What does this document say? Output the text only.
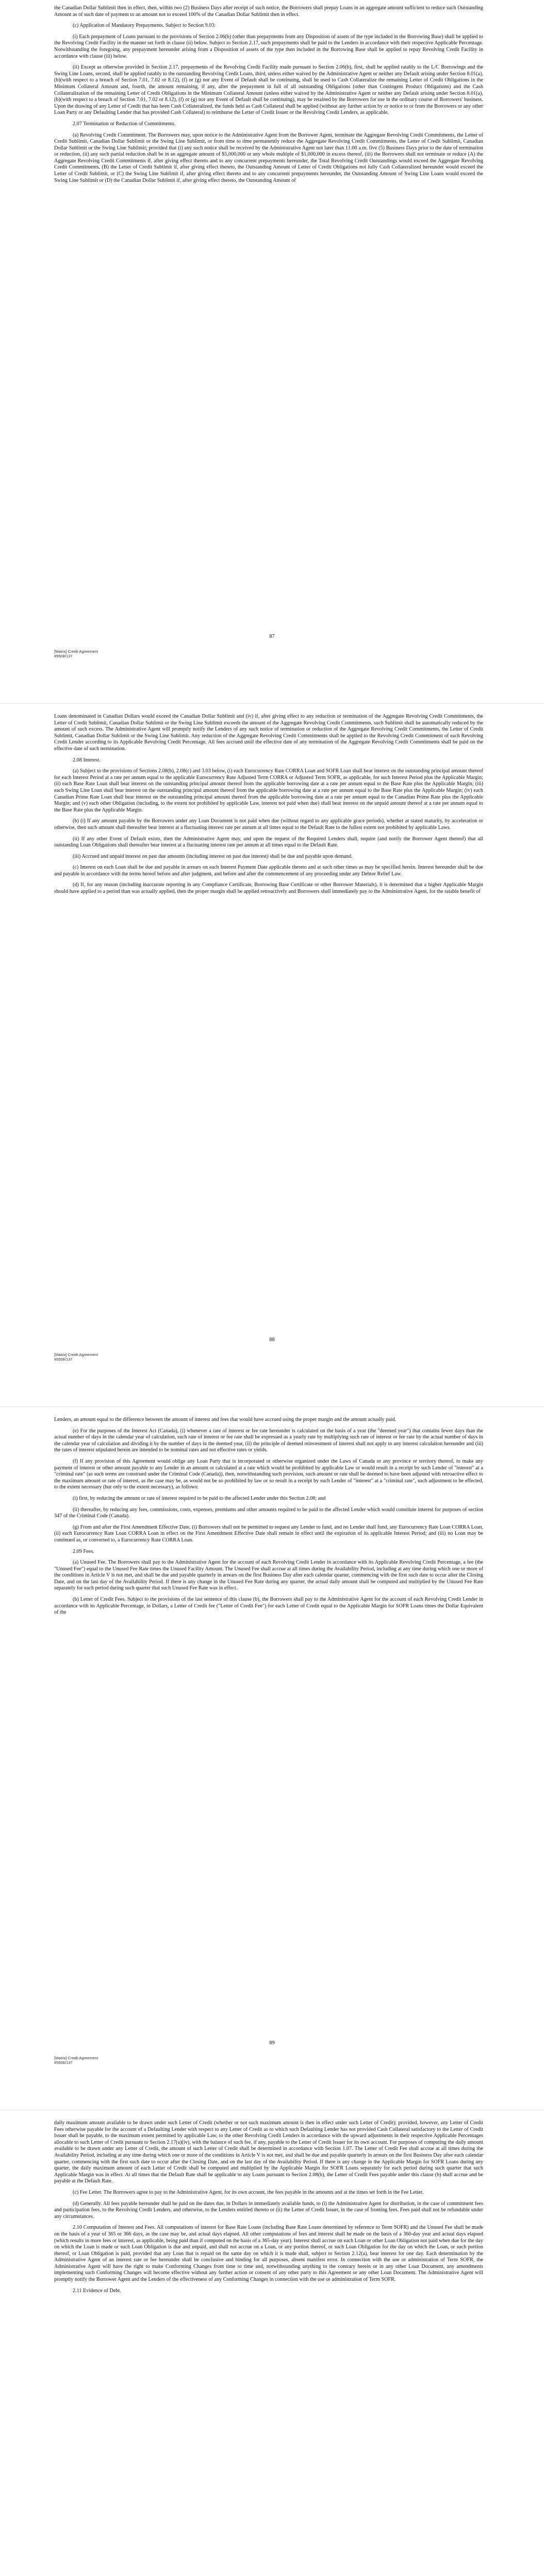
the Canadian Dollar Sublimit then in effect, then, within two (2) Business Days after receipt of such notice, the Borrowers shall prepay Loans in an aggregate amount sufficient to reduce such Outstanding Amount as of such date of payment to an amount not to exceed 100% of the Canadian Dollar Sublimit then in effect.

(c) Application of Mandatory Prepayments. Subject to Section 9.03:

(i) Each prepayment of Loans pursuant to the provisions of Section 2.06(b) (other than prepayments from any Disposition of assets of the type included in the Borrowing Base) shall be applied to the Revolving Credit Facility in the manner set forth in clause (ii) below. Subject to Section 2.17, such prepayments shall be paid to the Lenders in accordance with their respective Applicable Percentage. Notwithstanding the foregoing, any prepayment hereunder arising from a Disposition of assets of the type then included in the Borrowing Base shall be applied to repay Revolving Credit Facility in accordance with clause (iii) below.

(ii) Except as otherwise provided in Section 2.17, prepayments of the Revolving Credit Facility made pursuant to Section 2.06(b), first, shall be applied ratably to the L/C Borrowings and the Swing Line Loans, second, shall be applied ratably to the outstanding Revolving Credit Loans, third, unless either waived by the Administrative Agent or neither any Default arising under Section 8.01(a), (b)(with respect to a breach of Section 7.01, 7.02 or 8.12), (f) or (g) nor any Event of Default shall be continuing, shall be used to Cash Collateralize the remaining Letter of Credit Obligations in the Minimum Collateral Amount and, fourth, the amount remaining, if any, after the prepayment in full of all outstanding Obligations (other than Contingent Product Obligations) and the Cash Collateralization of the remaining Letter of Credit Obligations in the Minimum Collateral Amount (unless either waived by the Administrative Agent or neither any Default arising under Section 8.01(a), (b)(with respect to a breach of Section 7.01, 7.02 or 8.12), (f) or (g) nor any Event of Default shall be continuing), may be retained by the Borrowers for use in the ordinary course of Borrowers' business. Upon the drawing of any Letter of Credit that has been Cash Collateralized, the funds held as Cash Collateral shall be applied (without any further action by or notice to or from the Borrowers or any other Loan Party or any Defaulting Lender that has provided Cash Collateral) to reimburse the Letter of Credit Issuer or the Revolving Credit Lenders, as applicable.

2.07 Termination or Reduction of Commitments.

(a) Revolving Credit Commitment. The Borrowers may, upon notice to the Administrative Agent from the Borrower Agent, terminate the Aggregate Revolving Credit Commitments, the Letter of Credit Sublimit, Canadian Dollar Sublimit or the Swing Line Sublimit, or from time to time permanently reduce the Aggregate Revolving Credit Commitments, the Letter of Credit Sublimit, Canadian Dollar Sublimit or the Swing Line Sublimit; provided that (i) any such notice shall be received by the Administrative Agent not later than 11:00 a.m. five (5) Business Days prior to the date of termination or reduction, (ii) any such partial reduction shall be in an aggregate amount of $5,000,000 or any whole multiple of $1,000,000 in excess thereof, (iii) the Borrowers shall not terminate or reduce (A) the Aggregate Revolving Credit Commitments if, after giving effect thereto and to any concurrent prepayments hereunder, the Total Revolving Credit Outstandings would exceed the Aggregate Revolving Credit Commitments, (B) the Letter of Credit Sublimit if, after giving effect thereto, the Outstanding Amount of Letter of Credit Obligations not fully Cash Collateralized hereunder would exceed the Letter of Credit Sublimit, or (C) the Swing Line Sublimit if, after giving effect thereto and to any concurrent prepayments hereunder, the Outstanding Amount of Swing Line Loans would exceed the Swing Line Sublimit or (D) the Canadian Dollar Sublimit if, after giving effect thereto, the Outstanding Amount of

87
[Matrix] Credit Agreement
#9508/137

Loans denominated in Canadian Dollars would exceed the Canadian Dollar Sublimit and (iv) if, after giving effect to any reduction or termination of the Aggregate Revolving Credit Commitments, the Letter of Credit Sublimit, Canadian Dollar Sublimit or the Swing Line Sublimit exceeds the amount of the Aggregate Revolving Credit Commitments, such Sublimit shall be automatically reduced by the amount of such excess. The Administrative Agent will promptly notify the Lenders of any such notice of termination or reduction of the Aggregate Revolving Credit Commitments, the Letter of Credit Sublimit, Canadian Dollar Sublimit or the Swing Line Sublimit. Any reduction of the Aggregate Revolving Credit Commitments shall be applied to the Revolving Credit Commitment of each Revolving Credit Lender according to its Applicable Revolving Credit Percentage. All fees accrued until the effective date of any termination of the Aggregate Revolving Credit Commitments shall be paid on the effective date of such termination.

2.08 Interest.

(a) Subject to the provisions of Sections 2.08(b), 2.08(c) and 3.03 below, (i) each Eurocurrency Rate CORRA Loan and SOFR Loan shall bear interest on the outstanding principal amount thereof for each Interest Period at a rate per annum equal to the applicable Eurocurrency Rate Adjusted Term CORRA or Adjusted Term SOFR, as applicable, for such Interest Period plus the Applicable Margin; (ii) each Base Rate Loan shall bear interest on the outstanding principal amount thereof from the applicable borrowing date at a rate per annum equal to the Base Rate plus the Applicable Margin; (iii) each Swing Line Loan shall bear interest on the outstanding principal amount thereof from the applicable borrowing date at a rate per annum equal to the Base Rate plus the Applicable Margin; (iv) each Canadian Prime Rate Loan shall bear interest on the outstanding principal amount thereof from the applicable borrowing date at a rate per annum equal to the Canadian Prime Rate plus the Applicable Margin; and (v) each other Obligation (including, to the extent not prohibited by applicable Law, interest not paid when due) shall bear interest on the unpaid amount thereof at a rate per annum equal to the Base Rate plus the Applicable Margin.

(b) (i) If any amount payable by the Borrowers under any Loan Document is not paid when due (without regard to any applicable grace periods), whether at stated maturity, by acceleration or otherwise, then such amount shall thereafter bear interest at a fluctuating interest rate per annum at all times equal to the Default Rate to the fullest extent not prohibited by applicable Laws.

(ii) If any other Event of Default exists, then the Administrative Agent may, and upon the request of the Required Lenders shall, require (and notify the Borrower Agent thereof) that all outstanding Loan Obligations shall thereafter bear interest at a fluctuating interest rate per annum at all times equal to the Default Rate.

(iii) Accrued and unpaid interest on past due amounts (including interest on past due interest) shall be due and payable upon demand.

(c) Interest on each Loan shall be due and payable in arrears on each Interest Payment Date applicable thereto and at such other times as may be specified herein. Interest hereunder shall be due and payable in accordance with the terms hereof before and after judgment, and before and after the commencement of any proceeding under any Debtor Relief Law.

(d) If, for any reason (including inaccurate reporting in any Compliance Certificate, Borrowing Base Certificate or other Borrower Materials), it is determined that a higher Applicable Margin should have applied to a period than was actually applied, then the proper margin shall be applied retroactively and Borrowers shall immediately pay to the Administrative Agent, for the ratable benefit of

88
[Matrix] Credit Agreement
#9508/137

Lenders, an amount equal to the difference between the amount of interest and fees that would have accrued using the proper margin and the amount actually paid.

(e) For the purposes of the Interest Act (Canada), (i) whenever a rate of interest or fee rate hereunder is calculated on the basis of a year (the "deemed year") that contains fewer days than the actual number of days in the calendar year of calculation, such rate of interest or fee rate shall be expressed as a yearly rate by multiplying such rate of interest or fee rate by the actual number of days in the calendar year of calculation and dividing it by the number of days in the deemed year, (ii) the principle of deemed reinvestment of interest shall not apply to any interest calculation hereunder and (iii) the rates of interest stipulated herein are intended to be nominal rates and not effective rates or yields.

(f) If any provision of this Agreement would oblige any Loan Party that is incorporated or otherwise organized under the Laws of Canada or any province or territory thereof, to make any payment of interest or other amount payable to any Lender in an amount or calculated at a rate which would be prohibited by applicable Law or would result in a receipt by such Lender of "interest" at a "criminal rate" (as such terms are construed under the Criminal Code (Canada)), then, notwithstanding such provision, such amount or rate shall be deemed to have been adjusted with retroactive effect to the maximum amount or rate of interest, as the case may be, as would not be so prohibited by law or so result in a receipt by such Lender of "interest" at a "criminal rate", such adjustment to be effected, to the extent necessary (but only to the extent necessary), as follows:

(i) first, by reducing the amount or rate of interest required to be paid to the affected Lender under this Section 2.08; and

(ii) thereafter, by reducing any fees, commissions, costs, expenses, premiums and other amounts required to be paid to the affected Lender which would constitute interest for purposes of section 347 of the Criminal Code (Canada).

(g) From and after the First Amendment Effective Date, (i) Borrowers shall not be permitted to request any Lender to fund, and no Lender shall fund, any Eurocurrency Rate Loan CORRA Loan, (ii) each Eurocurrency Rate Loan CORRA Loan in effect on the First Amendment Effective Date shall remain in effect until the expiration of its applicable Interest Period; and (iii) no Loan may be continued as, or converted to, a Eurocurrency Rate CORRA Loan.

2.09 Fees.

(a) Unused Fee. The Borrowers shall pay to the Administrative Agent for the account of each Revolving Credit Lender in accordance with its Applicable Revolving Credit Percentage, a fee (the "Unused Fee") equal to the Unused Fee Rate times the Unused Facility Amount. The Unused Fee shall accrue at all times during the Availability Period, including at any time during which one or more of the conditions in Article V is not met, and shall be due and payable quarterly in arrears on the first Business Day after each calendar quarter, commencing with the first such date to occur after the Closing Date, and on the last day of the Availability Period. If there is any change in the Unused Fee Rate during any quarter, the actual daily amount shall be computed and multiplied by the Unused Fee Rate separately for each period during such quarter that such Unused Fee Rate was in effect.

(b) Letter of Credit Fees. Subject to the provisions of the last sentence of this clause (b), the Borrowers shall pay to the Administrative Agent for the account of each Revolving Credit Lender in accordance with its Applicable Percentage, in Dollars, a Letter of Credit fee ("Letter of Credit Fee") for each Letter of Credit equal to the Applicable Margin for SOFR Loans times the Dollar Equivalent of the

89
[Matrix] Credit Agreement
#9508/137

daily maximum amount available to be drawn under such Letter of Credit (whether or not such maximum amount is then in effect under such Letter of Credit); provided, however, any Letter of Credit Fees otherwise payable for the account of a Defaulting Lender with respect to any Letter of Credit as to which such Defaulting Lender has not provided Cash Collateral satisfactory to the Letter of Credit Issuer shall be payable, to the maximum extent permitted by applicable Law, to the other Revolving Credit Lenders in accordance with the upward adjustments in their respective Applicable Percentages allocable to such Letter of Credit pursuant to Section 2.17(a)(iv), with the balance of such fee, if any, payable to the Letter of Credit Issuer for its own account. For purposes of computing the daily amount available to be drawn under any Letter of Credit, the amount of such Letter of Credit shall be determined in accordance with Section 1.07. The Letter of Credit Fee shall accrue at all times during the Availability Period, including at any time during which one or more of the conditions in Article V is not met, and shall be due and payable quarterly in arrears on the first Business Day after each calendar quarter, commencing with the first such date to occur after the Closing Date, and on the last day of the Availability Period. If there is any change in the Applicable Margin for SOFR Loans during any quarter, the daily maximum amount of each Letter of Credit shall be computed and multiplied by the Applicable Margin for SOFR Loans separately for each period during such quarter that such Applicable Margin was in effect. At all times that the Default Rate shall be applicable to any Loans pursuant to Section 2.08(b), the Letter of Credit Fees payable under this clause (b) shall accrue and be payable at the Default Rate.

(c) Fee Letter. The Borrowers agree to pay to the Administrative Agent, for its own account, the fees payable in the amounts and at the times set forth in the Fee Letter.

(d) Generally. All fees payable hereunder shall be paid on the dates due, in Dollars in immediately available funds, to (i) the Administrative Agent for distribution, in the case of commitment fees and participation fees, to the Revolving Credit Lenders, and otherwise, to the Lenders entitled thereto or (ii) the Letter of Credit Issuer, in the case of fronting fees. Fees paid shall not be refundable under any circumstances.

2.10 Computation of Interest and Fees. All computations of interest for Base Rate Loans (including Base Rate Loans determined by reference to Term SOFR) and the Unused Fee shall be made on the basis of a year of 365 or 366 days, as the case may be, and actual days elapsed. All other computations of fees and interest shall be made on the basis of a 360-day year and actual days elapsed (which results in more fees or interest, as applicable, being paid than if computed on the basis of a 365-day year). Interest shall accrue on each Loan or other Loan Obligation not paid when due for the day on which the Loan is made or such Loan Obligation is due and unpaid, and shall not accrue on a Loan, or any portion thereof, or such Loan Obligation for the day on which the Loan, or such portion thereof, or Loan Obligation is paid, provided that any Loan that is repaid on the same day on which it is made shall, subject to Section 2.12(a), bear interest for one day. Each determination by the Administrative Agent of an interest rate or fee hereunder shall be conclusive and binding for all purposes, absent manifest error. In connection with the use or administration of Term SOFR, the Administrative Agent will have the right to make Conforming Changes from time to time and, notwithstanding anything to the contrary herein or in any other Loan Document, any amendments implementing such Conforming Changes will become effective without any further action or consent of any other party to this Agreement or any other Loan Document. The Administrative Agent will promptly notify the Borrower Agent and the Lenders of the effectiveness of any Conforming Changes in connection with the use or administration of Term SOFR.

2.11 Evidence of Debt.
